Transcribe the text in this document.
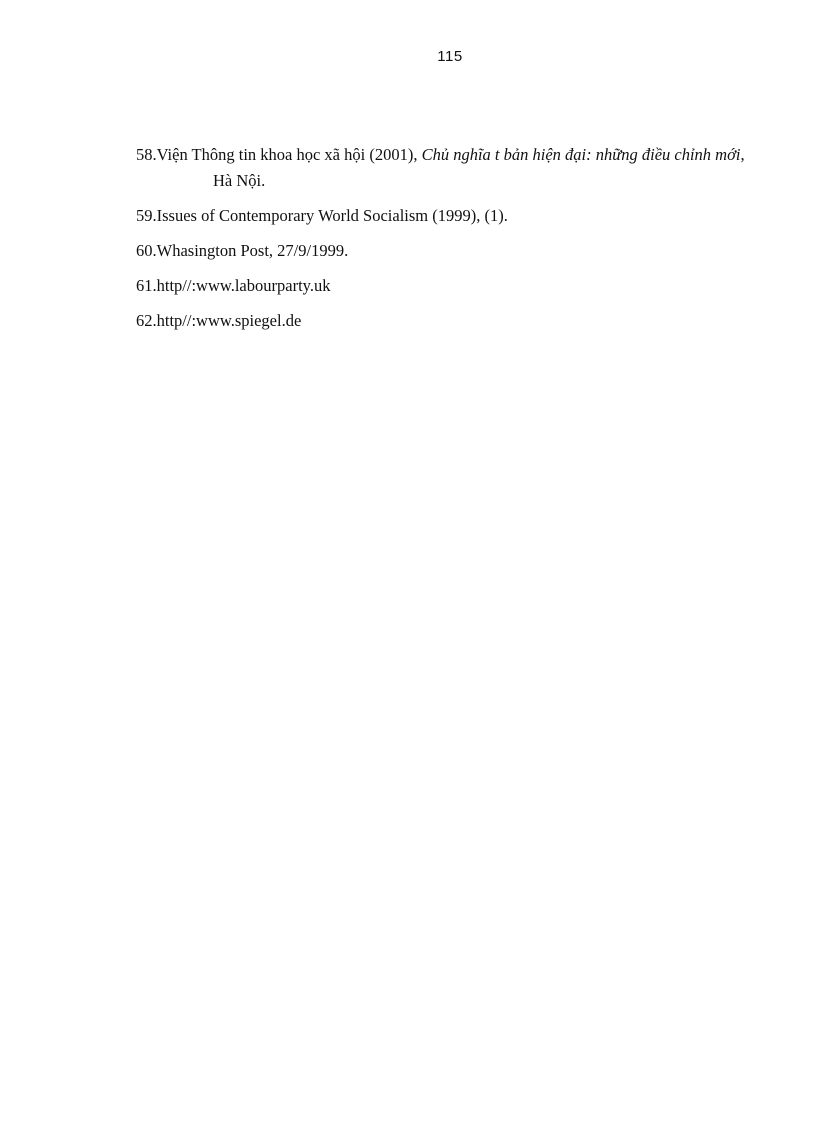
115
58.Viện Thông tin khoa học xã hội (2001), Chủ nghĩa t bản hiện đại: những điều chỉnh mới, Hà Nội.
59.Issues of Contemporary World Socialism (1999), (1).
60.Whasington Post, 27/9/1999.
61.http//:www.labourparty.uk
62.http//:www.spiegel.de
